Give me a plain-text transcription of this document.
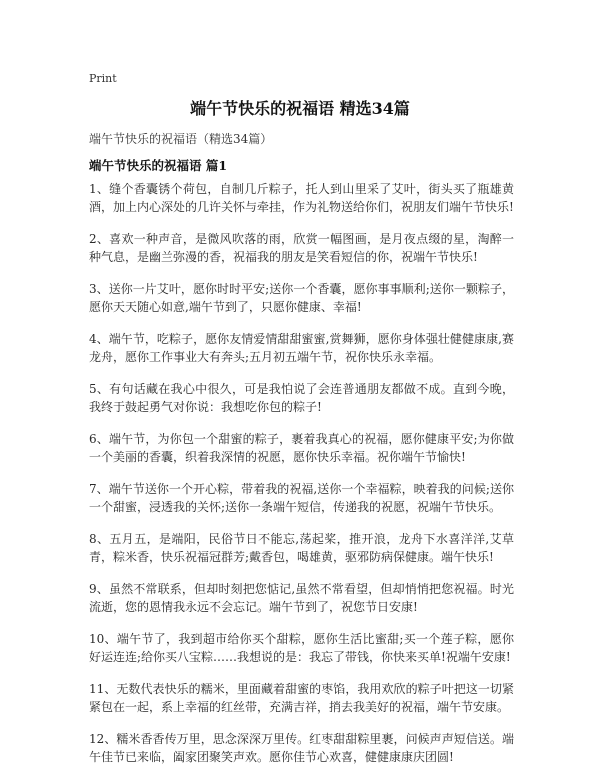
Print
端午节快乐的祝福语 精选34篇
端午节快乐的祝福语（精选34篇）
端午节快乐的祝福语 篇1

1、缝个香囊锈个荷包，自制几斤粽子，托人到山里采了艾叶，街头买了瓶雄黄酒，加上内心深处的几许关怀与牵挂，作为礼物送给你们，祝朋友们端午节快乐!

2、喜欢一种声音，是微风吹落的雨，欣赏一幅图画，是月夜点缀的星，淘醉一种气息，是幽兰弥漫的香，祝福我的朋友是笑看短信的你，祝端午节快乐!

3、送你一片艾叶，愿你时时平安;送你一个香囊，愿你事事顺利;送你一颗粽子，愿你天天随心如意,端午节到了，只愿你健康、幸福!

4、端午节，吃粽子，愿你友情爱情甜甜蜜蜜,赏舞狮，愿你身体强壮健健康康,赛龙舟，愿你工作事业大有奔头;五月初五端午节，祝你快乐永幸福。

5、有句话藏在我心中很久，可是我怕说了会连普通朋友都做不成。直到今晚，我终于鼓起勇气对你说：我想吃你包的粽子!

6、端午节，为你包一个甜蜜的粽子，裹着我真心的祝福，愿你健康平安;为你做一个美丽的香囊，织着我深情的祝愿，愿你快乐幸福。祝你端午节愉快!

7、端午节送你一个开心粽，带着我的祝福,送你一个幸福粽，映着我的问候;送你一个甜蜜，浸透我的关怀;送你一条端午短信，传递我的祝愿，祝端午节快乐。

8、五月五，是端阳，民俗节日不能忘,荡起桨，推开浪，龙舟下水喜洋洋,艾草青，粽米香，快乐祝福冠群芳;戴香包，喝雄黄，驱邪防病保健康。端午快乐!

9、虽然不常联系，但却时刻把您惦记,虽然不常看望，但却悄悄把您祝福。时光流逝，您的恩情我永远不会忘记。端午节到了，祝您节日安康!

10、端午节了，我到超市给你买个甜粽，愿你生活比蜜甜;买一个莲子粽，愿你好运连连;给你买八宝粽……我想说的是：我忘了带钱，你快来买单!祝端午安康!

11、无数代表快乐的糯米，里面藏着甜蜜的枣馅，我用欢欣的粽子叶把这一切紧紧包在一起，系上幸福的红丝带，充满吉祥，捎去我美好的祝福，端午节安康。

12、糯米香香传万里，思念深深万里传。红枣甜甜粽里裹，问候声声短信送。端午佳节已来临，阖家团聚笑声欢。愿你佳节心欢喜，健健康康庆团圆!
